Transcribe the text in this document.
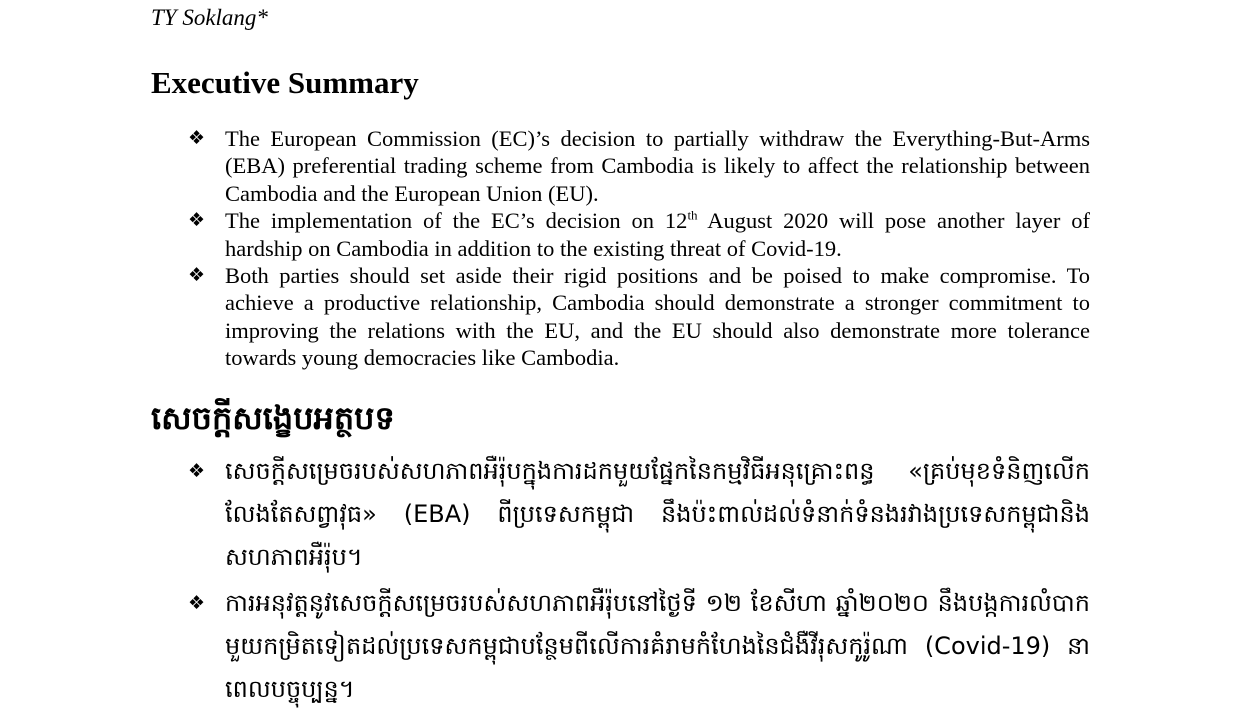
TY Soklang*
Executive Summary
❖ The European Commission (EC)’s decision to partially withdraw the Everything-But-Arms (EBA) preferential trading scheme from Cambodia is likely to affect the relationship between Cambodia and the European Union (EU).
❖ The implementation of the EC’s decision on 12th August 2020 will pose another layer of hardship on Cambodia in addition to the existing threat of Covid-19.
❖ Both parties should set aside their rigid positions and be poised to make compromise. To achieve a productive relationship, Cambodia should demonstrate a stronger commitment to improving the relations with the EU, and the EU should also demonstrate more tolerance towards young democracies like Cambodia.
សេចក្តីសង្ខេបអត្ថបទ
❖ សេចក្តីសម្រេចរបស់សហភាពអឺរ៉ុបក្នុងការដកមួយផ្នែកនៃកម្មវិធីអនុគ្រោះពន្ធ «គ្រប់មុខទំនិញលើកលែងតែសព្វាវុធ» (EBA) ពីប្រទេសកម្ពុជា នឹងប៉ះពាល់ដល់ទំនាក់ទំនងរវាងប្រទេសកម្ពុជានិងសហភាពអឺរ៉ុប។
❖ ការអនុវត្តនូវសេចក្តីសម្រេចរបស់សហភាពអឺរ៉ុបនៅថ្ងៃទី ១២ ខែសីហា ឆ្នាំ២០២០ នឹងបង្កការលំបាកមួយកម្រិតទៀតដល់ប្រទេសកម្ពុជាបន្ថែមពីលើការគំរាមកំហែងនៃជំងឺវីរុសកូរ៉ូណា (Covid-19) នាពេលបច្ចុប្បន្ន។
